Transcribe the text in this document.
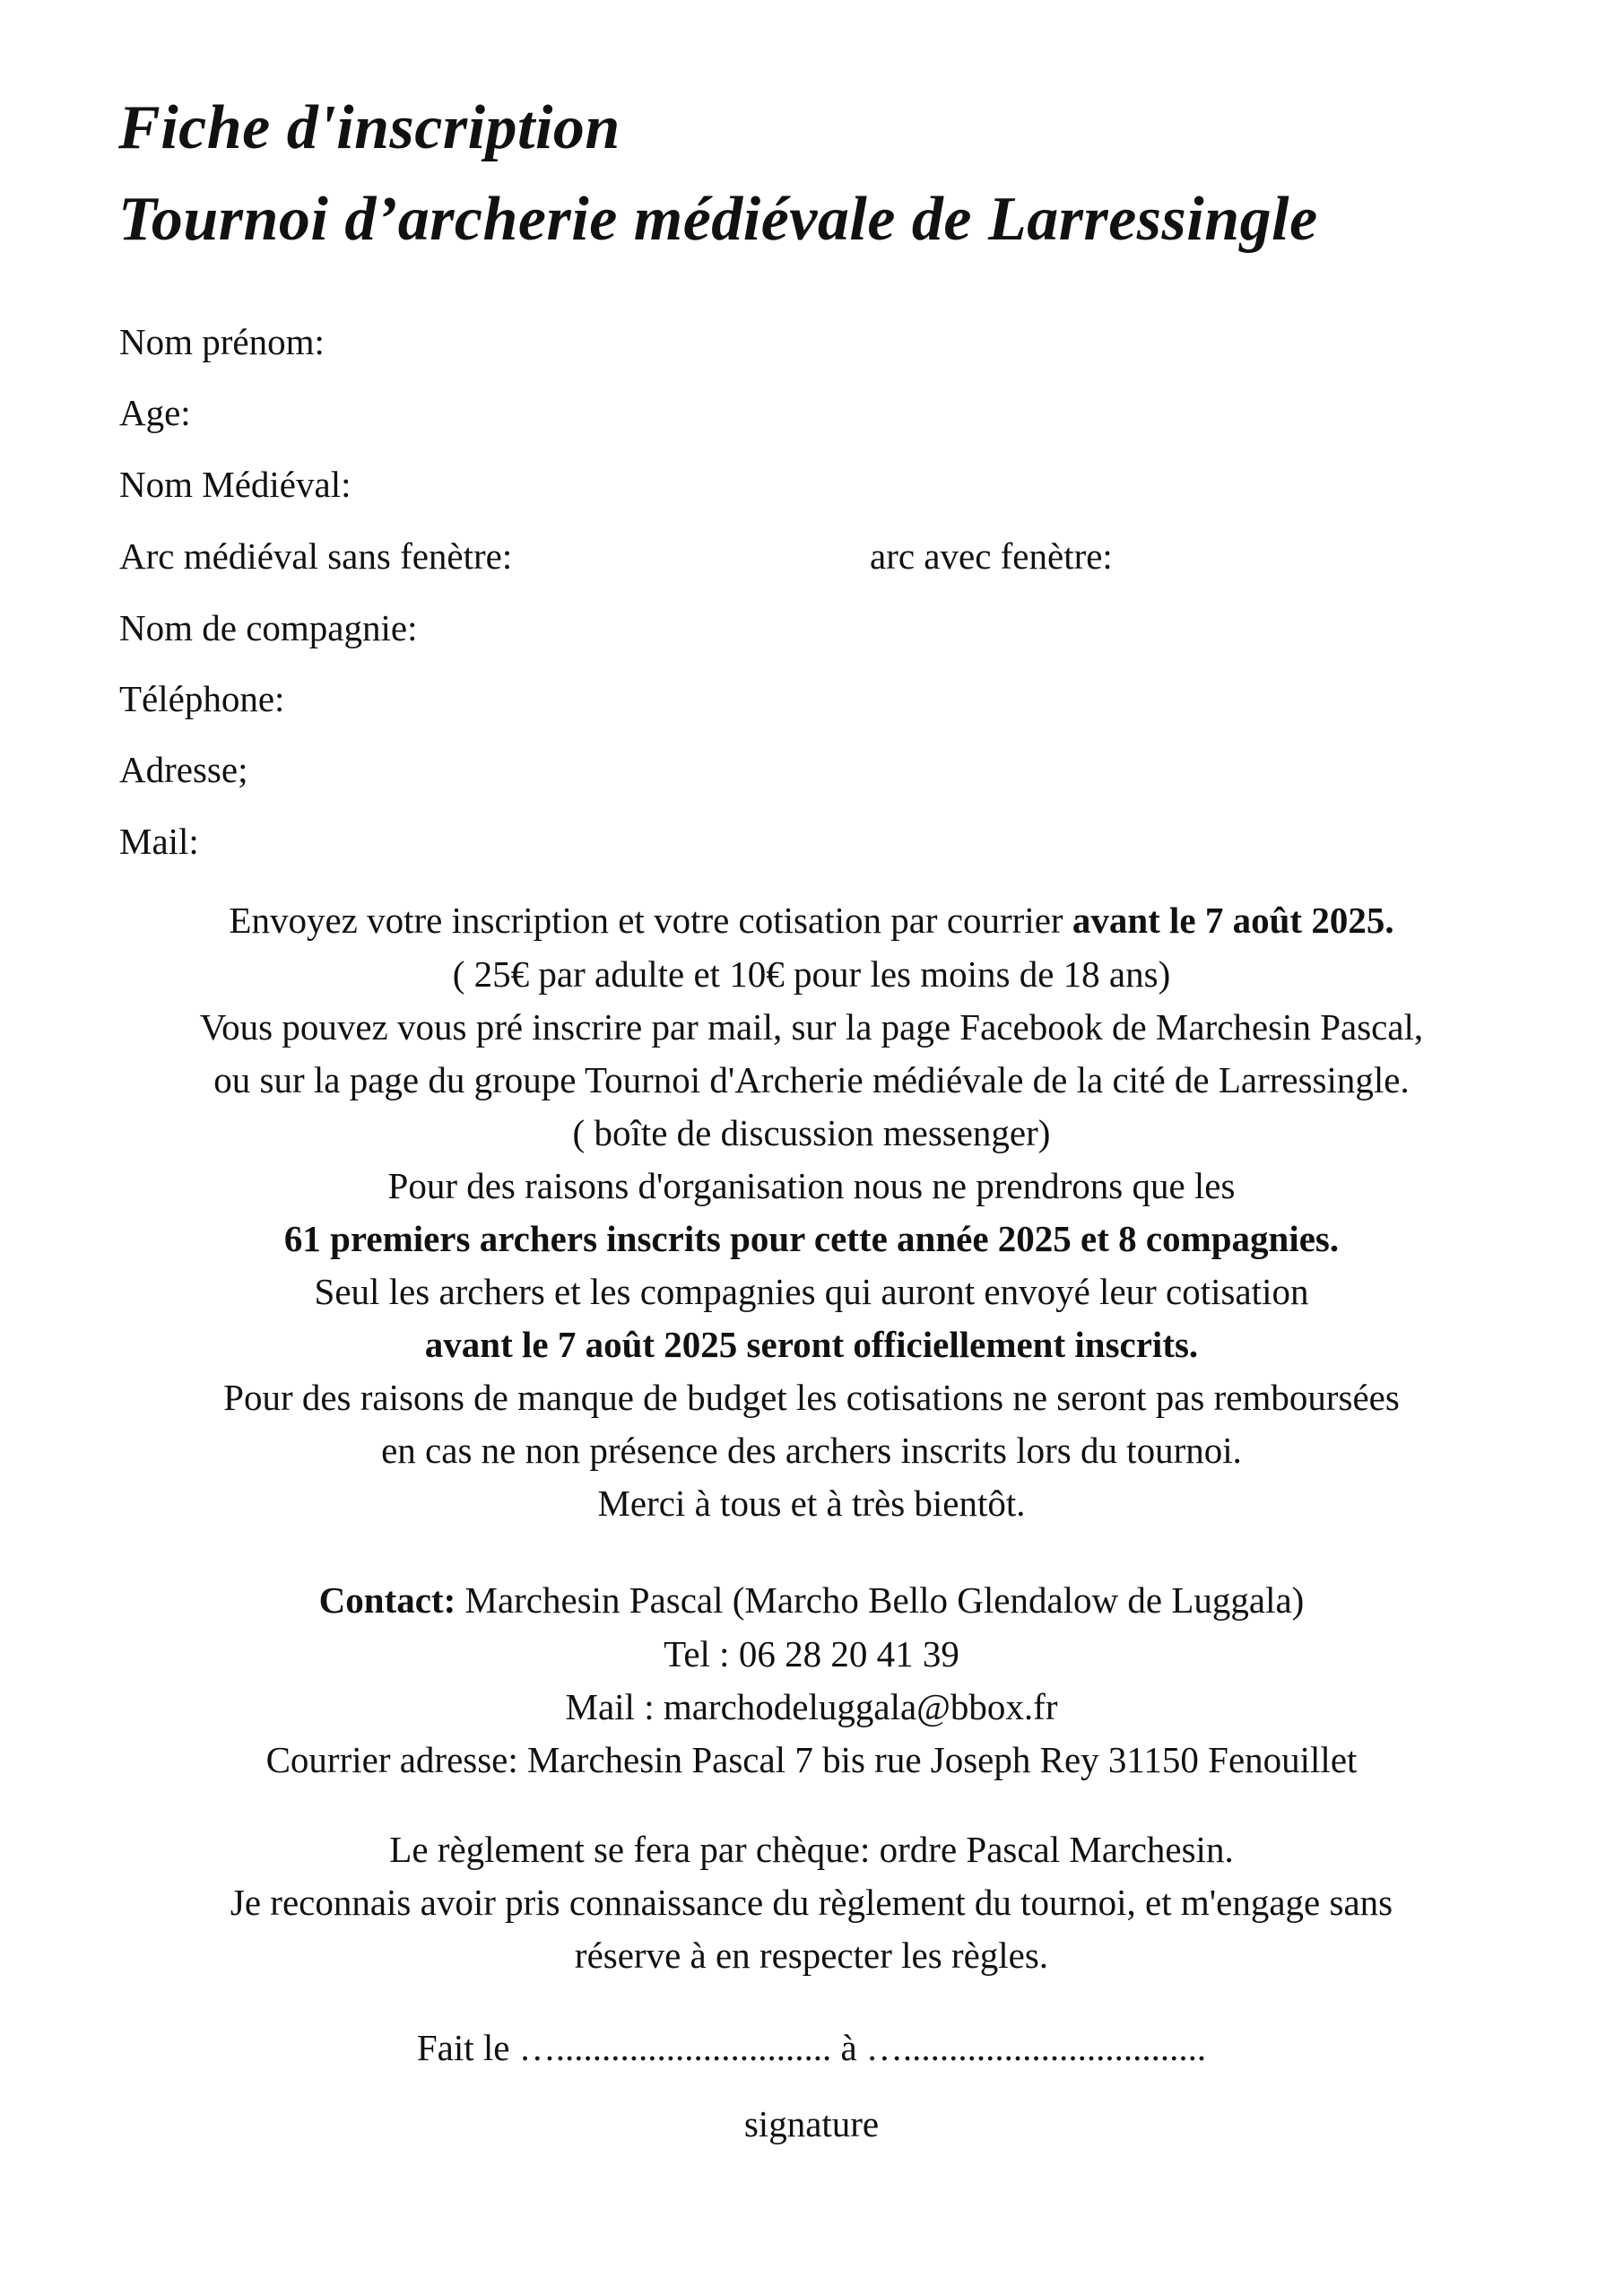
Fiche d'inscription
Tournoi d’archerie médiévale de Larressingle
Nom prénom:
Age:
Nom Médiéval:
Arc médiéval sans fenètre:	arc avec fenètre:
Nom de compagnie:
Téléphone:
Adresse;
Mail:
Envoyez votre inscription et votre cotisation par courrier avant le 7 août 2025.
( 25€ par adulte et 10€ pour les moins de 18 ans)
Vous pouvez vous pré inscrire par mail, sur la page Facebook de Marchesin Pascal,
ou sur la page du groupe Tournoi d'Archerie médiévale de la cité de Larressingle.
( boîte de discussion messenger)
Pour des raisons d'organisation nous ne prendrons que les
61 premiers archers inscrits pour cette année 2025 et 8 compagnies.
Seul les archers et les compagnies qui auront envoyé leur cotisation
avant le 7 août 2025 seront officiellement inscrits.
Pour des raisons de manque de budget les cotisations ne seront pas remboursées
en cas ne non présence des archers inscrits lors du tournoi.
Merci à tous et à très bientôt.
Contact: Marchesin Pascal (Marcho Bello Glendalow de Luggala)
Tel : 06 28 20 41 39
Mail : marchodeluggala@bbox.fr
Courrier adresse: Marchesin Pascal 7 bis rue Joseph Rey 31150 Fenouillet
Le règlement se fera par chèque: ordre Pascal Marchesin.
Je reconnais avoir pris connaissance du règlement du tournoi, et m'engage sans
réserve à en respecter les règles.
Fait le ….............................. à ….................................
signature
